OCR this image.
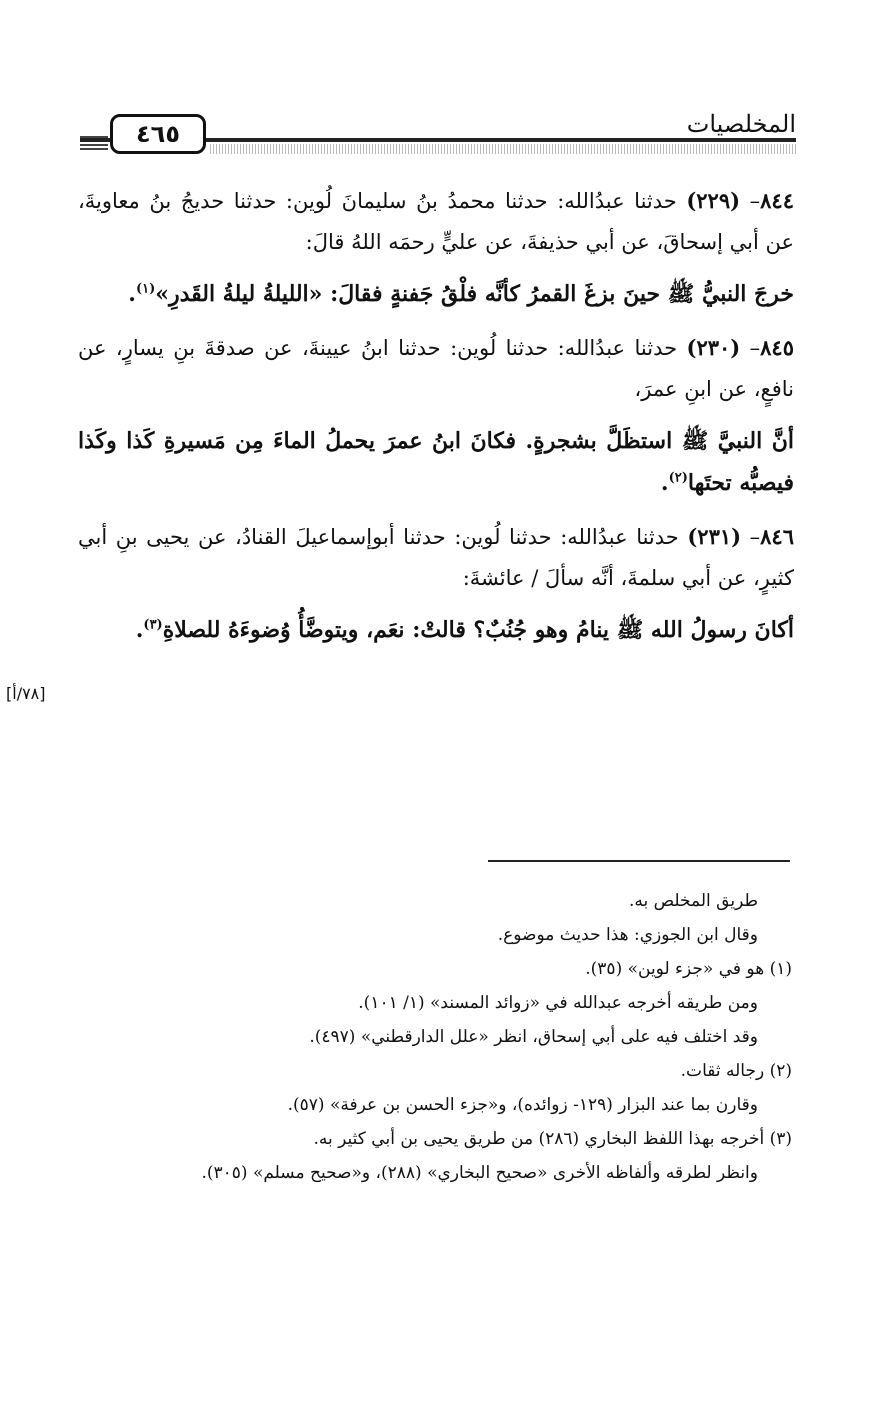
٤٦٥	المخلصيات

٨٤٤– (٢٢٩) حدثنا عبدُالله: حدثنا محمدُ بنُ سليمانَ لُوين: حدثنا حديجُ بنُ معاويةَ، عن أبي إسحاقَ، عن أبي حذيفةَ، عن عليٍّ رحمَه اللهُ قالَ:

خرجَ النبيُّ ﷺ حينَ بزغَ القمرُ كأنَّه فلْقُ جَفنةٍ فقالَ: «الليلةُ ليلةُ القَدرِ»$^{(١)}$.

٨٤٥– (٢٣٠) حدثنا عبدُالله: حدثنا لُوين: حدثنا ابنُ عيينةَ، عن صدقةَ بنِ يسارٍ، عن نافعٍ، عن ابنِ عمرَ،

أنَّ النبيَّ ﷺ استظَلَّ بشجرةٍ. فكانَ ابنُ عمرَ يحملُ الماءَ مِن مَسيرةِ كَذا وكَذا فيصبُّه تحتَها$^{(٢)}$.

٨٤٦– (٢٣١) حدثنا عبدُالله: حدثنا لُوين: حدثنا أبوإسماعيلَ القنادُ، عن يحيى بنِ أبي كثيرٍ، عن أبي سلمةَ، أنَّه سألَ / عائشةَ:

أكانَ رسولُ الله ﷺ ينامُ وهو جُنُبٌ؟ قالتْ: نعَم، ويتوضَّأُ وُضوءَهُ للصلاةِ$^{(٣)}$.

[٧٨/أ]

طريق المخلص به.

وقال ابن الجوزي: هذا حديث موضوع.

(١) هو في «جزء لوين» (٣٥).

ومن طريقه أخرجه عبدالله في «زوائد المسند» (١/ ١٠١).

وقد اختلف فيه على أبي إسحاق، انظر «علل الدارقطني» (٤٩٧).

(٢) رجاله ثقات.

وقارن بما عند البزار (١٢٩- زوائده)، و«جزء الحسن بن عرفة» (٥٧).

(٣) أخرجه بهذا اللفظ البخاري (٢٨٦) من طريق يحيى بن أبي كثير به.

وانظر لطرقه وألفاظه الأخرى «صحيح البخاري» (٢٨٨)، و«صحيح مسلم» (٣٠٥).
